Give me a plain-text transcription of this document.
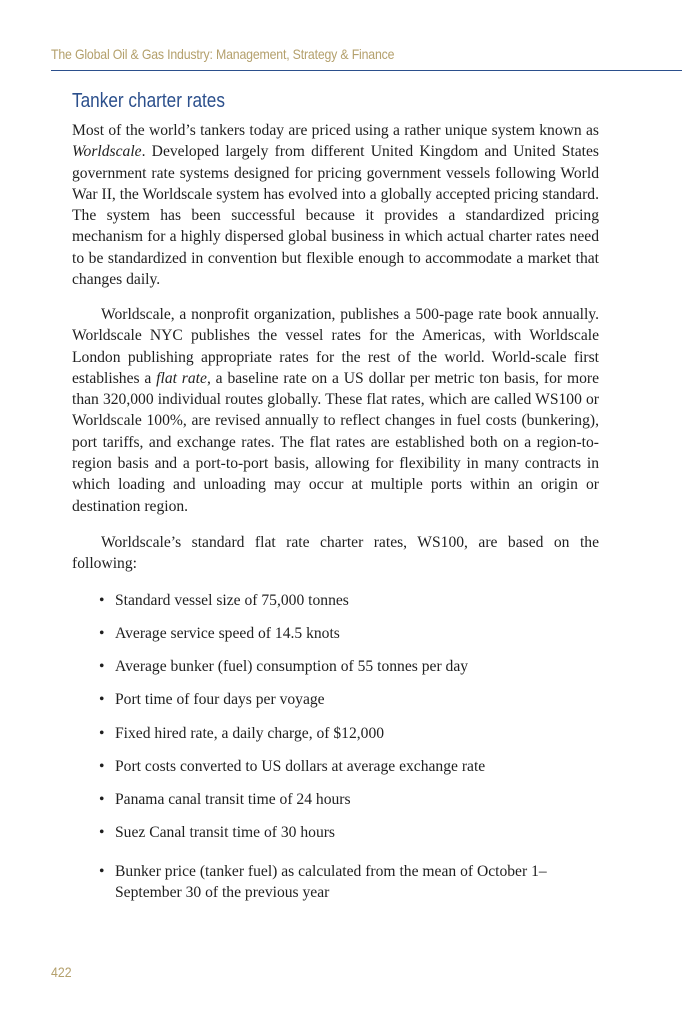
The Global Oil & Gas Industry: Management, Strategy & Finance
Tanker charter rates

Most of the world’s tankers today are priced using a rather unique system known as Worldscale. Developed largely from different United Kingdom and United States government rate systems designed for pricing government vessels following World War II, the Worldscale system has evolved into a globally accepted pricing standard. The system has been successful because it provides a standardized pricing mechanism for a highly dispersed global business in which actual charter rates need to be standardized in convention but flexible enough to accommodate a market that changes daily.

Worldscale, a nonprofit organization, publishes a 500-page rate book annually. Worldscale NYC publishes the vessel rates for the Americas, with Worldscale London publishing appropriate rates for the rest of the world. World-scale first establishes a flat rate, a baseline rate on a US dollar per metric ton basis, for more than 320,000 individual routes globally. These flat rates, which are called WS100 or Worldscale 100%, are revised annually to reflect changes in fuel costs (bunkering), port tariffs, and exchange rates. The flat rates are established both on a region-to-region basis and a port-to-port basis, allowing for flexibility in many contracts in which loading and unloading may occur at multiple ports within an origin or destination region.

Worldscale’s standard flat rate charter rates, WS100, are based on the following:

• Standard vessel size of 75,000 tonnes
• Average service speed of 14.5 knots
• Average bunker (fuel) consumption of 55 tonnes per day
• Port time of four days per voyage
• Fixed hired rate, a daily charge, of $12,000
• Port costs converted to US dollars at average exchange rate
• Panama canal transit time of 24 hours
• Suez Canal transit time of 30 hours
• Bunker price (tanker fuel) as calculated from the mean of October 1–September 30 of the previous year
422
